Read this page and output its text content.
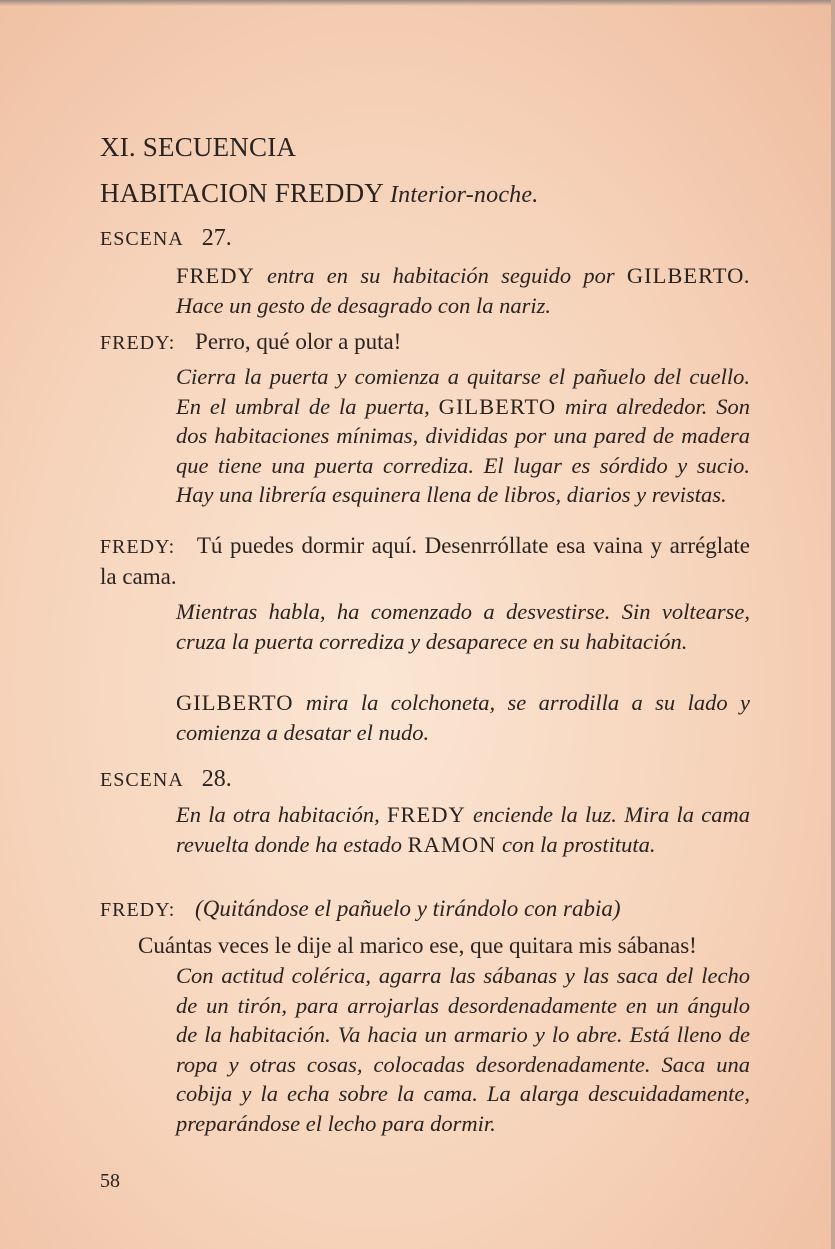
XI. SECUENCIA
HABITACION FREDDY Interior-noche.
ESCENA 27.
FREDY entra en su habitación seguido por GILBERTO. Hace un gesto de desagrado con la nariz.
FREDY: Perro, qué olor a puta!
Cierra la puerta y comienza a quitarse el pañuelo del cuello. En el umbral de la puerta, GILBERTO mira alrededor. Son dos habitaciones mínimas, divididas por una pared de madera que tiene una puerta corrediza. El lugar es sórdido y sucio. Hay una librería esquinera llena de libros, diarios y revistas.
FREDY: Tú puedes dormir aquí. Desenrróllate esa vaina y arréglate la cama.
Mientras habla, ha comenzado a desvestirse. Sin voltearse, cruza la puerta corrediza y desaparece en su habitación.
GILBERTO mira la colchoneta, se arrodilla a su lado y comienza a desatar el nudo.
ESCENA 28.
En la otra habitación, FREDY enciende la luz. Mira la cama revuelta donde ha estado RAMON con la prostituta.
FREDY: (Quitándose el pañuelo y tirándolo con rabia)
Cuántas veces le dije al marico ese, que quitara mis sábanas!
Con actitud colérica, agarra las sábanas y las saca del lecho de un tirón, para arrojarlas desordenadamente en un ángulo de la habitación. Va hacia un armario y lo abre. Está lleno de ropa y otras cosas, colocadas desordenadamente. Saca una cobija y la echa sobre la cama. La alarga descuidadamente, preparándose el lecho para dormir.
58
